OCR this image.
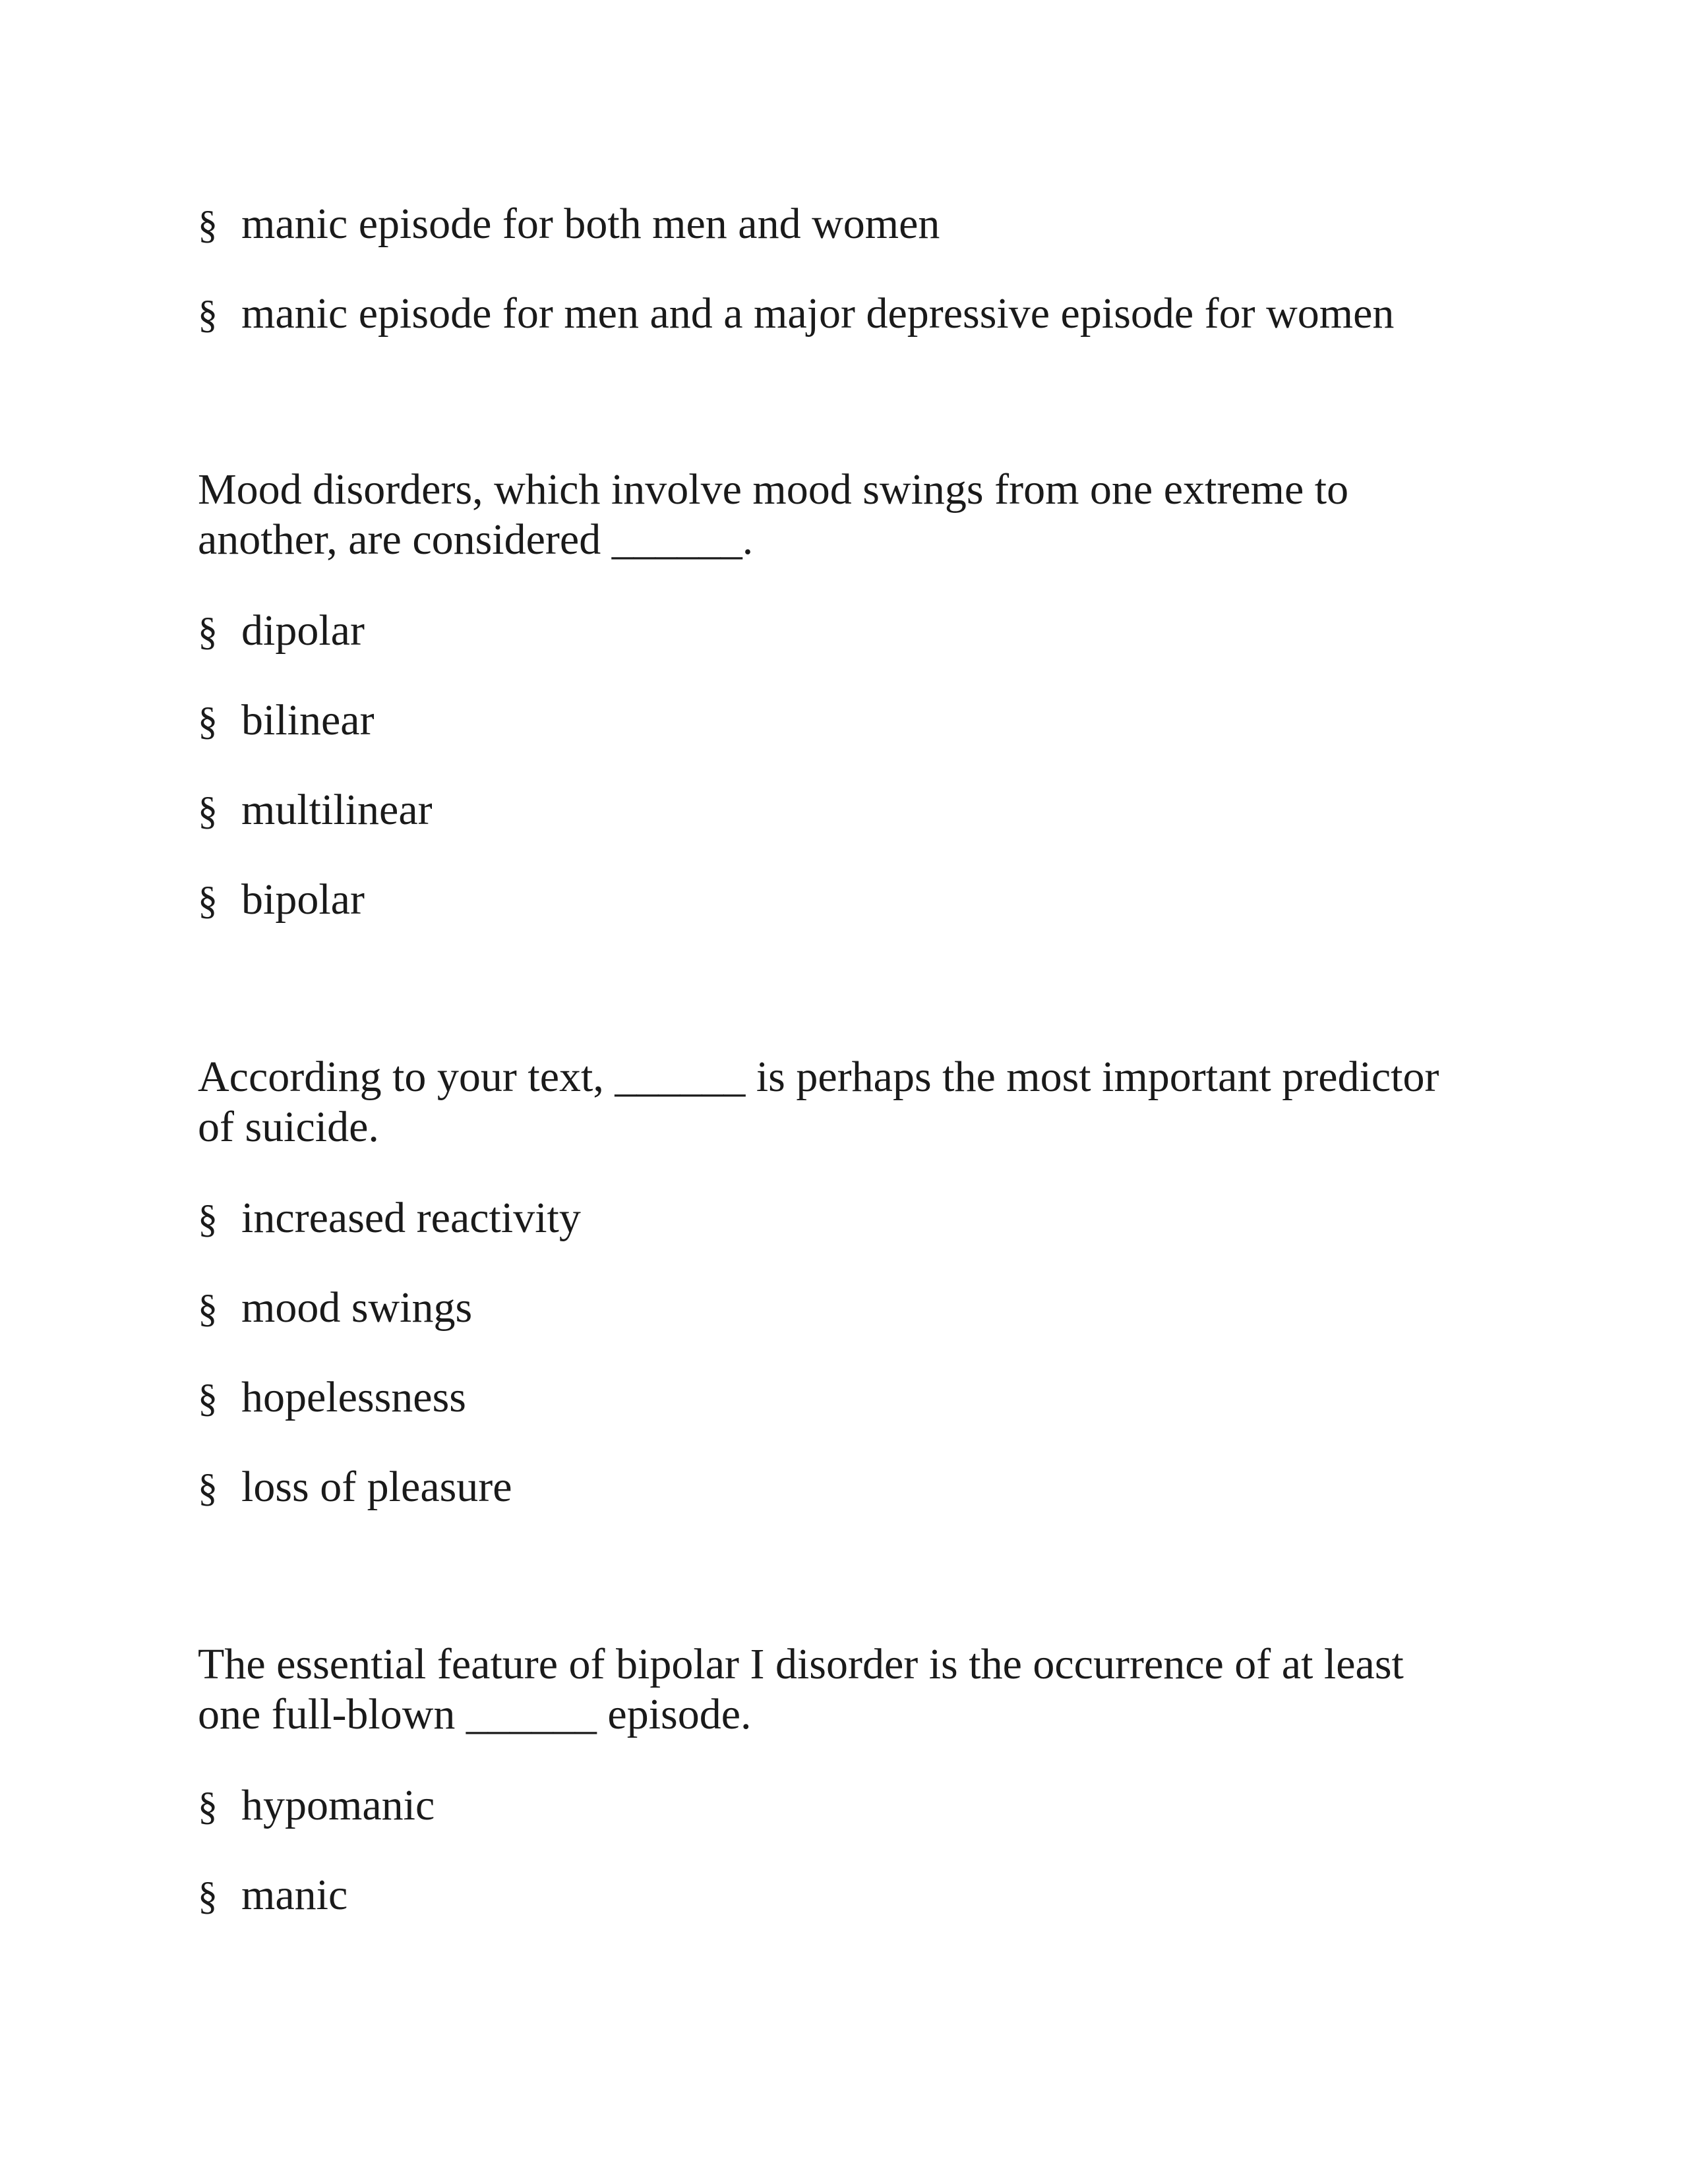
§ manic episode for both men and women
§ manic episode for men and a major depressive episode for women
Mood disorders, which involve mood swings from one extreme to
another, are considered ______.
§ dipolar
§ bilinear
§ multilinear
§ bipolar
According to your text, ______ is perhaps the most important predictor
of suicide.
§ increased reactivity
§ mood swings
§ hopelessness
§ loss of pleasure
The essential feature of bipolar I disorder is the occurrence of at least
one full-blown ______ episode.
§ hypomanic
§ manic
